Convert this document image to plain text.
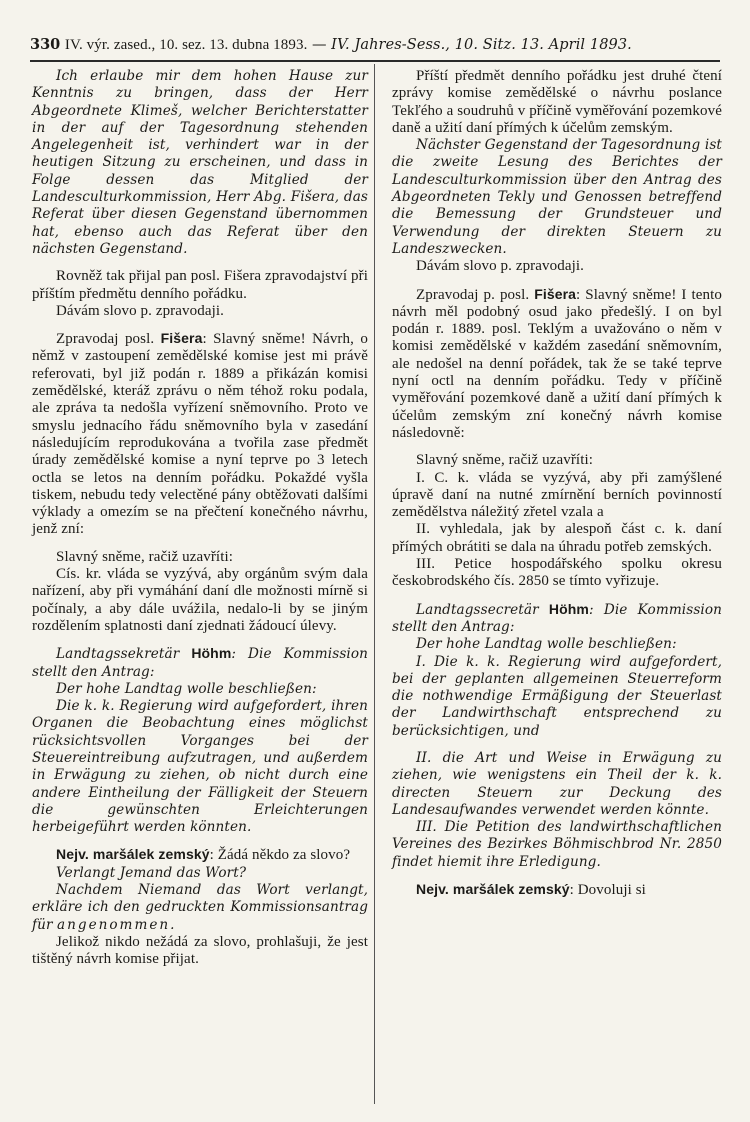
330 IV. výr. zased., 10. sez. 13. dubna 1893. — IV. Jahres-Sess., 10. Sitz. 13. April 1893.

Ich erlaube mir dem hohen Hause zur Kenntnis zu bringen, dass der Herr Abgeordnete Klimeš, welcher Berichterstatter in der auf der Tagesordnung stehenden Angelegenheit ist, verhindert war in der heutigen Sitzung zu erscheinen, und dass in Folge dessen das Mitglied der Landesculturkommission, Herr Abg. Fišera, das Referat über diesen Gegenstand übernommen hat, ebenso auch das Referat über den nächsten Gegenstand.

Rovněž tak přijal pan posl. Fišera zpravodajství při příštím předmětu denního pořádku.

Dávám slovo p. zpravodaji.

Zpravodaj posl. Fišera: Slavný sněme! Návrh, o němž v zastoupení zemědělské komise jest mi právě referovati, byl již podán r. 1889 a přikázán komisi zemědělské, kteráž zprávu o něm téhož roku podala, ale zpráva ta nedošla vyřízení sněmovního. Proto ve smyslu jednacího řádu sněmovního byla v zasedání následujícím reprodukována a tvořila zase předmět úrady zemědělské komise a nyní teprve po 3 letech octla se letos na denním pořádku. Pokaždé vyšla tiskem, nebudu tedy velectěné pány obtěžovati dalšími výklady a omezím se na přečtení konečného návrhu, jenž zní:

Slavný sněme, račiž uzavříti:

Cís. kr. vláda se vyzývá, aby orgánům svým dala nařízení, aby při vymáhání daní dle možnosti mírně si počínaly, a aby dále uvážila, nedalo-li by se jiným rozdělením splatnosti daní zjednati žádoucí úlevy.

Landtagssekretär Höhm: Die Kommission stellt den Antrag:

Der hohe Landtag wolle beschließen:

Die k. k. Regierung wird aufgefordert, ihren Organen die Beobachtung eines möglichst rücksichtsvollen Vorganges bei der Steuereintreibung aufzutragen, und außerdem in Erwägung zu ziehen, ob nicht durch eine andere Eintheilung der Fälligkeit der Steuern die gewünschten Erleichterungen herbeigeführt werden könnten.

Nejv. maršálek zemský: Žádá někdo za slovo?

Verlangt Jemand das Wort?

Nachdem Niemand das Wort verlangt, erkläre ich den gedruckten Kommissionsantrag für angenommen.

Jelikož nikdo nežádá za slovo, prohlašuji, že jest tištěný návrh komise přijat.

Příští předmět denního pořádku jest druhé čtení zprávy komise zemědělské o návrhu poslance Tekľého a soudruhů v příčině vyměřování pozemkové daně a užití daní přímých k účelům zemským.

Nächster Gegenstand der Tagesordnung ist die zweite Lesung des Berichtes der Landesculturkommission über den Antrag des Abgeordneten Tekly und Genossen betreffend die Bemessung der Grundsteuer und Verwendung der direkten Steuern zu Landeszwecken.

Dávám slovo p. zpravodaji.

Zpravodaj p. posl. Fišera: Slavný sněme! I tento návrh měl podobný osud jako předešlý. I on byl podán r. 1889. posl. Teklým a uvažováno o něm v komisi zemědělské v každém zasedání sněmovním, ale nedošel na denní pořádek, tak že se také teprve nyní octl na denním pořádku. Tedy v příčině vyměřování pozemkové daně a užití daní přímých k účelům zemským zní konečný návrh komise následovně:

Slavný sněme, račiž uzavříti:

I. C. k. vláda se vyzývá, aby při zamýšlené úpravě daní na nutné zmírnění berních povinností zemědělstva náležitý zřetel vzala a

II. vyhledala, jak by alespoň část c. k. daní přímých obrátiti se dala na úhradu potřeb zemských.

III. Petice hospodářského spolku okresu českobrodského čís. 2850 se tímto vyřizuje.

Landtagssecretär Höhm: Die Kommission stellt den Antrag:

Der hohe Landtag wolle beschließen:

I. Die k. k. Regierung wird aufgefordert, bei der geplanten allgemeinen Steuerreform die nothwendige Ermäßigung der Steuerlast der Landwirthschaft entsprechend zu berücksichtigen, und

II. die Art und Weise in Erwägung zu ziehen, wie wenigstens ein Theil der k. k. directen Steuern zur Deckung des Landesaufwandes verwendet werden könnte.

III. Die Petition des landwirthschaftlichen Vereines des Bezirkes Böhmischbrod Nr. 2850 findet hiemit ihre Erledigung.

Nejv. maršálek zemský: Dovoluji si
